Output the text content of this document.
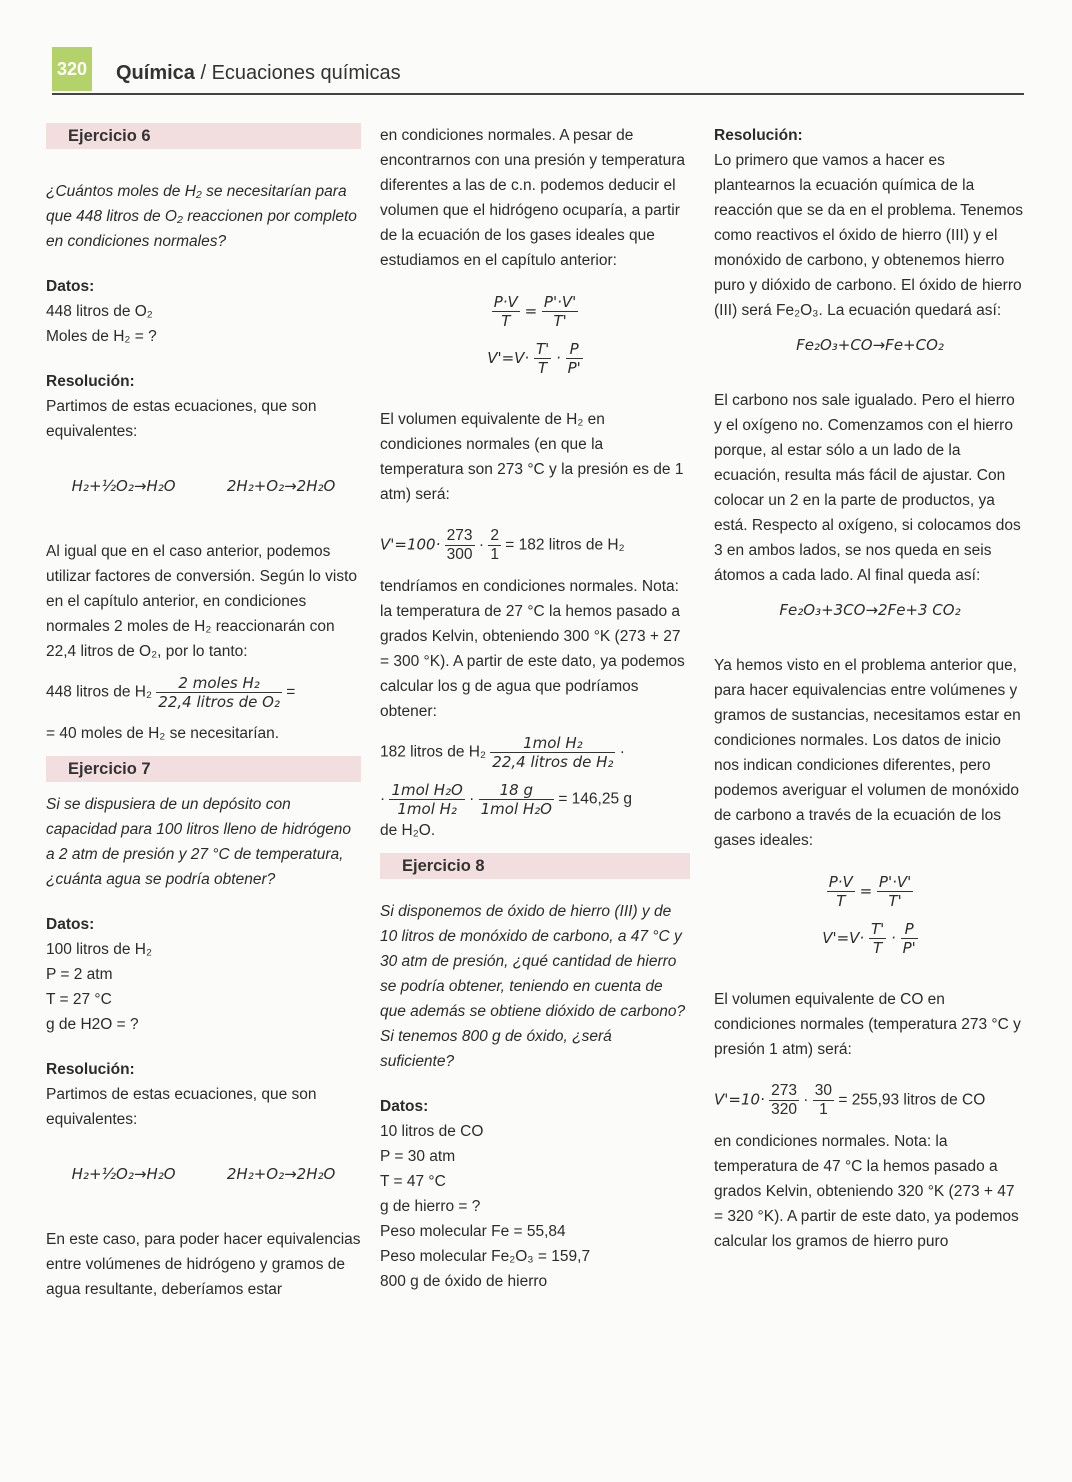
320 Química / Ecuaciones químicas
Ejercicio 6

¿Cuántos moles de H₂ se necesitarían para que 448 litros de O₂ reaccionen por completo en condiciones normales?

Datos:
448 litros de O₂
Moles de H₂ = ?
Resolución:

Partimos de estas ecuaciones, que son equivalentes:

H₂+½O₂→H₂O	2H₂+O₂→2H₂O

Al igual que en el caso anterior, podemos utilizar factores de conversión. Según lo visto en el capítulo anterior, en condiciones normales 2 moles de H₂ reaccionarán con 22,4 litros de O₂, por lo tanto:

448 litros de $H_2 \frac{\text{2 moles H₂}}{\text{22,4 litros de O₂}}$ =

= 40 moles de H₂ se necesitarían.

Ejercicio 7

Si se dispusiera de un depósito con capacidad para 100 litros lleno de hidrógeno a 2 atm de presión y 27 °C de temperatura, ¿cuánta agua se podría obtener?

Datos:
100 litros de H₂
P = 2 atm
T = 27 °C
g de H2O = ?
Resolución:

Partimos de estas ecuaciones, que son equivalentes:

H₂+½O₂→H₂O	2H₂+O₂→2H₂O

En este caso, para poder hacer equivalencias entre volúmenes de hidrógeno y gramos de agua resultante, deberíamos estar

en condiciones normales. A pesar de encontrarnos con una presión y temperatura diferentes a las de c.n. podemos deducir el volumen que el hidrógeno ocuparía, a partir de la ecuación de los gases ideales que estudiamos en el capítulo anterior:

$\frac{P\cdot V}{T} = \frac{P'\cdot V'}{T'}$
$V'=V\cdot \frac{T'}{T} \cdot \frac{P}{P'}$

El volumen equivalente de H₂ en condiciones normales (en que la temperatura son 273 °C y la presión es de 1 atm) será:

$V'=100\cdot \frac{273}{300} \cdot \frac{2}{1} = 182$ litros de H₂

tendríamos en condiciones normales. Nota: la temperatura de 27 °C la hemos pasado a grados Kelvin, obteniendo 300 °K (273 + 27 = 300 °K). A partir de este dato, ya podemos calcular los g de agua que podríamos obtener:

182 litros de $H_2 \frac{\text{1mol H₂}}{\text{22,4 litros de H₂}}$ ·
· $\frac{\text{1mol H₂O}}{\text{1mol H₂}} \cdot \frac{18 g}{\text{1mol H₂O}} = 146,25$ g
de H₂O.
Ejercicio 8

Si disponemos de óxido de hierro (III) y de 10 litros de monóxido de carbono, a 47 °C y 30 atm de presión, ¿qué cantidad de hierro se podría obtener, teniendo en cuenta de que además se obtiene dióxido de carbono? Si tenemos 800 g de óxido, ¿será suficiente?

Datos:
10 litros de CO
P = 30 atm
T = 47 °C
g de hierro = ?
Peso molecular Fe = 55,84
Peso molecular Fe₂O₃ = 159,7
800 g de óxido de hierro
Resolución:

Lo primero que vamos a hacer es plantearnos la ecuación química de la reacción que se da en el problema. Tenemos como reactivos el óxido de hierro (III) y el monóxido de carbono, y obtenemos hierro puro y dióxido de carbono. El óxido de hierro (III) será Fe₂O₃. La ecuación quedará así:

Fe₂O₃+CO→Fe+CO₂

El carbono nos sale igualado. Pero el hierro y el oxígeno no. Comenzamos con el hierro porque, al estar sólo a un lado de la ecuación, resulta más fácil de ajustar. Con colocar un 2 en la parte de productos, ya está. Respecto al oxígeno, si colocamos dos 3 en ambos lados, se nos queda en seis átomos a cada lado. Al final queda así:

Fe₂O₃+3CO→2Fe+3 CO₂

Ya hemos visto en el problema anterior que, para hacer equivalencias entre volúmenes y gramos de sustancias, necesitamos estar en condiciones normales. Los datos de inicio nos indican condiciones diferentes, pero podemos averiguar el volumen de monóxido de carbono a través de la ecuación de los gases ideales:

$\frac{P\cdot V}{T} = \frac{P'\cdot V'}{T'}$
$V'=V\cdot \frac{T'}{T} \cdot \frac{P}{P'}$

El volumen equivalente de CO en condiciones normales (temperatura 273 °C y presión 1 atm) será:

$V'=10\cdot \frac{273}{320} \cdot \frac{30}{1} = 255,93$ litros de CO

en condiciones normales. Nota: la temperatura de 47 °C la hemos pasado a grados Kelvin, obteniendo 320 °K (273 + 47 = 320 °K). A partir de este dato, ya podemos calcular los gramos de hierro puro
